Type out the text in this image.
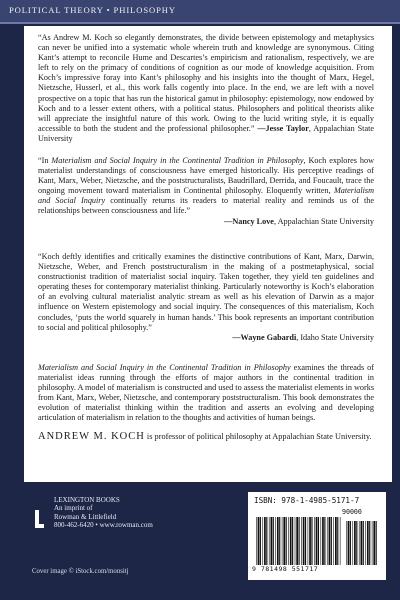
POLITICAL THEORY • PHILOSOPHY

“As Andrew M. Koch so elegantly demonstrates, the divide between epistemology and metaphysics can never be unified into a systematic whole wherein truth and knowledge are synonymous. Citing Kant’s attempt to reconcile Hume and Descartes’s empiricism and rationalism, respectively, we are left to rely on the primacy of conditions of cognition as our mode of knowledge acquisition. From Koch’s impressive foray into Kant’s philosophy and his insights into the thought of Marx, Hegel, Nietzsche, Husserl, et al., this work falls cogently into place. In the end, we are left with a novel prospective on a topic that has run the historical gamut in philosophy: epistemology, now endowed by Koch and to a lesser extent others, with a political status. Philosophers and political theorists alike will appreciate the insightful nature of this work. Owing to the lucid writing style, it is equally accessible to both the student and the professional philosopher.” —Jesse Taylor, Appalachian State University

“In Materialism and Social Inquiry in the Continental Tradition in Philosophy, Koch explores how materialist understandings of consciousness have emerged historically. His perceptive readings of Kant, Marx, Weber, Nietzsche, and the poststructuralists, Baudrillard, Derrida, and Foucault, trace the ongoing movement toward materialism in Continental philosophy. Eloquently written, Materialism and Social Inquiry continually returns its readers to material reality and reminds us of the relationships between consciousness and life.”
—Nancy Love, Appalachian State University

“Koch deftly identifies and critically examines the distinctive contributions of Kant, Marx, Darwin, Nietzsche, Weber, and French poststructuralism in the making of a postmetaphysical, social constructionist tradition of materialist social inquiry. Taken together, they yield ten guidelines and operating theses for contemporary materialist thinking. Particularly noteworthy is Koch’s elaboration of an evolving cultural materialist analytic stream as well as his elevation of Darwin as a major influence on Western epistemology and social inquiry. The consequences of this materialism, Koch concludes, ‘puts the world squarely in human hands.’ This book represents an important contribution to social and political philosophy.”
—Wayne Gabardi, Idaho State University

Materialism and Social Inquiry in the Continental Tradition in Philosophy examines the threads of materialist ideas running through the efforts of major authors in the continental tradition in philosophy. A model of materialism is constructed and used to assess the materialist elements in works from Kant, Marx, Weber, Nietzsche, and contemporary poststructuralism. This book demonstrates the evolution of materialist thinking within the tradition and asserts an evolving and developing articulation of materialism in relation to the thoughts and activities of human beings.

ANDREW M. KOCH is professor of political philosophy at Appalachian State University.

LEXINGTON BOOKS
An imprint of
Rowman & Littlefield
800-462-6420 • www.rowman.com
Cover image © iStock.com/monsitj
ISBN: 978-1-4985-5171-7
90000
9 781498 551717
